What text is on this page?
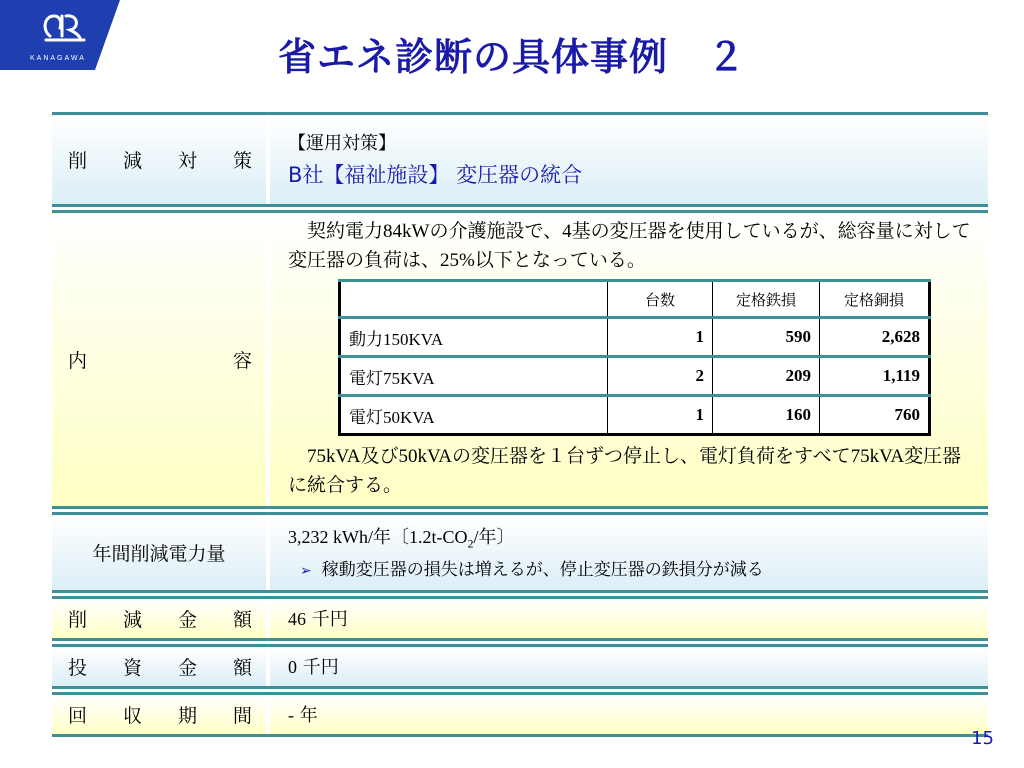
KANAGAWA	省エネ診断の具体事例　２
削 減 対 策

【運用対策】
B社【福祉施設】 変圧器の統合

内	容

　契約電力84kWの介護施設で、4基の変圧器を使用しているが、総容量に対して変圧器の負荷は、25%以下となっている。
	台数	定格鉄損	定格銅損
動力150KVA	1	590	2,628
電灯75KVA	2	209	1,119
電灯50KVA	1	160	760
　75kVA及び50kVAの変圧器を１台ずつ停止し、電灯負荷をすべて75kVA変圧器に統合する。

年間削減電力量

3,232 kWh/年〔$1.2t-CO_2/$年〕
➢ 稼動変圧器の損失は増えるが、停止変圧器の鉄損分が減る

削 減 金 額		46 千円

投 資 金 額		0 千円

回 収 期 間		- 年
15
